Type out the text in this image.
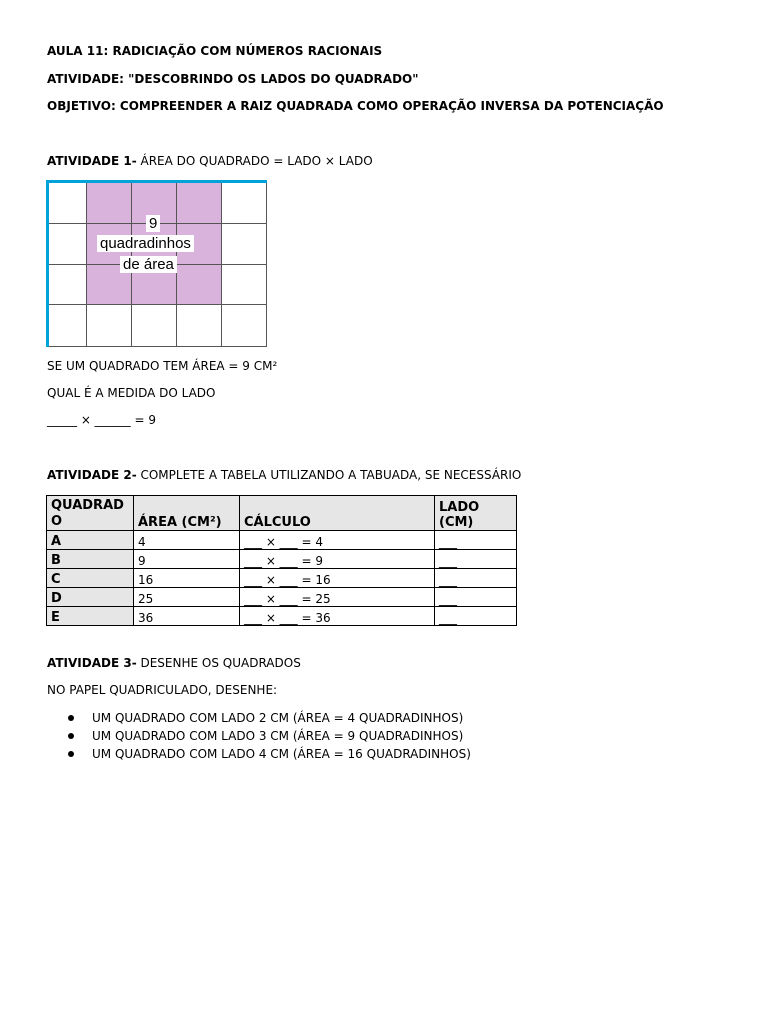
AULA 11: RADICIAÇÃO COM NÚMEROS RACIONAIS
ATIVIDADE: "DESCOBRINDO OS LADOS DO QUADRADO"
OBJETIVO: COMPREENDER A RAIZ QUADRADA COMO OPERAÇÃO INVERSA DA POTENCIAÇÃO
ATIVIDADE 1- ÁREA DO QUADRADO = LADO × LADO
9
quadradinhos
de área
SE UM QUADRADO TEM ÁREA = 9 CM²
QUAL É A MEDIDA DO LADO
_____ × ______ = 9
ATIVIDADE 2- COMPLETE A TABELA UTILIZANDO A TABUADA, SE NECESSÁRIO
QUADRAD O	ÁREA (CM²)	CÁLCULO	LADO (CM)
A	4	___ × ___ = 4	___
B	9	___ × ___ = 9	___
C	16	___ × ___ = 16	___
D	25	___ × ___ = 25	___
E	36	___ × ___ = 36	___
ATIVIDADE 3- DESENHE OS QUADRADOS
NO PAPEL QUADRICULADO, DESENHE:
UM QUADRADO COM LADO 2 CM (ÁREA = 4 QUADRADINHOS)
UM QUADRADO COM LADO 3 CM (ÁREA = 9 QUADRADINHOS)
UM QUADRADO COM LADO 4 CM (ÁREA = 16 QUADRADINHOS)
